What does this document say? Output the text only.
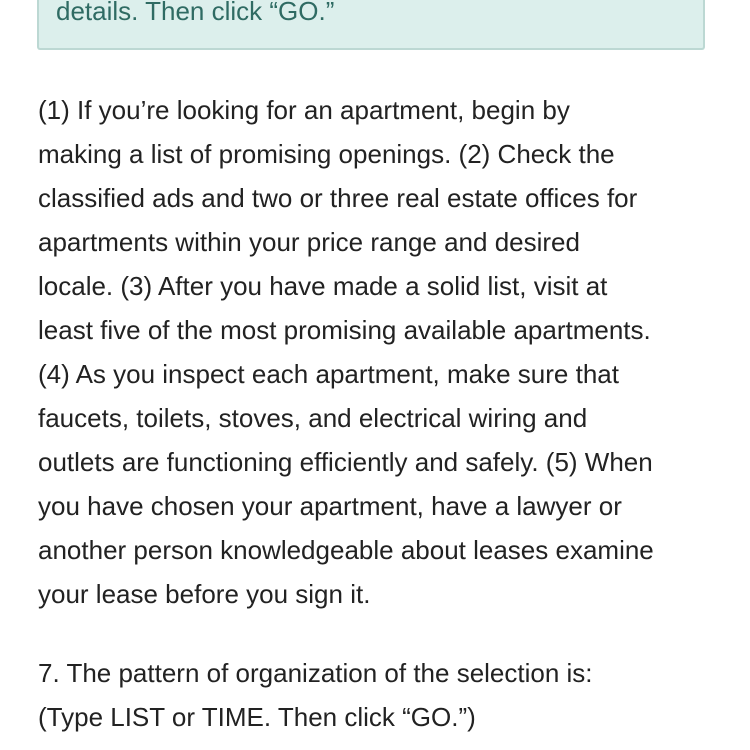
details. Then click “GO.”
(1) If you’re looking for an apartment, begin by
making a list of promising openings. (2) Check the
classified ads and two or three real estate offices for
apartments within your price range and desired
locale. (3) After you have made a solid list, visit at
least five of the most promising available apartments.
(4) As you inspect each apartment, make sure that
faucets, toilets, stoves, and electrical wiring and
outlets are functioning efficiently and safely. (5) When
you have chosen your apartment, have a lawyer or
another person knowledgeable about leases examine
your lease before you sign it.
7. The pattern of organization of the selection is:
(Type LIST or TIME. Then click “GO.”)
